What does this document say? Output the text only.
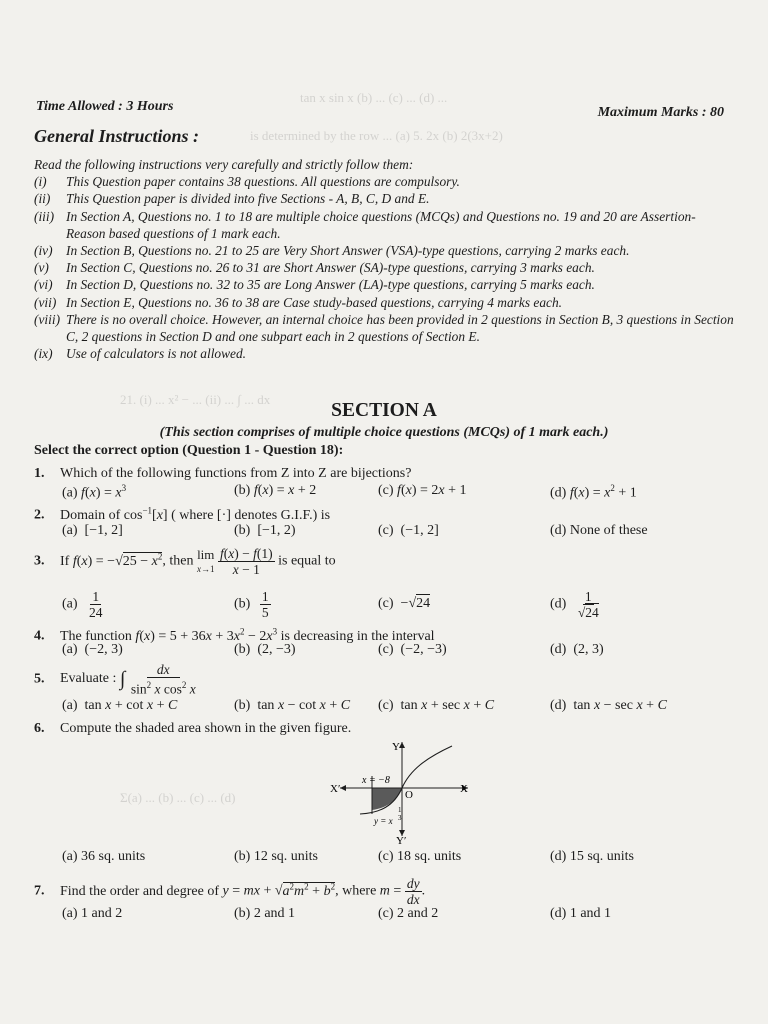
tan x sin x (b) ... (c) ... (d) ...
is determined by the row ... (a) 5. 2x (b) 2(3x+2)
21. (i) ... x² − ... (ii) ... ∫ ... dx
Σ(a) ... (b) ... (c) ... (d)
Time Allowed : 3 Hours	Maximum Marks : 80
General Instructions :
Read the following instructions very carefully and strictly follow them:
(i)	This Question paper contains 38 questions. All questions are compulsory.
(ii)	This Question paper is divided into five Sections - A, B, C, D and E.
(iii) In Section A, Questions no. 1 to 18 are multiple choice questions (MCQs) and Questions no. 19 and 20 are Assertion-Reason based questions of 1 mark each.
(iv)	In Section B, Questions no. 21 to 25 are Very Short Answer (VSA)-type questions, carrying 2 marks each.
(v)	In Section C, Questions no. 26 to 31 are Short Answer (SA)-type questions, carrying 3 marks each.
(vi)	In Section D, Questions no. 32 to 35 are Long Answer (LA)-type questions, carrying 5 marks each.
(vii) In Section E, Questions no. 36 to 38 are Case study-based questions, carrying 4 marks each.
(viii) There is no overall choice. However, an internal choice has been provided in 2 questions in Section B, 3 questions in Section C, 2 questions in Section D and one subpart each in 2 questions of Section E.
(ix)	Use of calculators is not allowed.
SECTION A
(This section comprises of multiple choice questions (MCQs) of 1 mark each.)
Select the correct option (Question 1 - Question 18):
1. Which of the following functions from Z into Z are bijections?
(a) $f(x) = x^3$	(b) f(x) = x + 2	(c) f(x) = 2x + 1	(d) $f(x) = x^2 + 1$
2. Domain of $\cos^{-1}[x]$ ( where [·] denotes G.I.F.) is
(a)  [−1, 2]	(b)  [−1, 2)	(c)  (−1, 2]	(d) None of these
3. If $f(x) = -√25 - x^2$, then lim
x→1
$\frac{f(x) - f(1)}{x - 1}$ is equal to
$(a) \frac{1}{24}$	$(b) \frac{1}{5}$	(c)  −√24	$(d) \frac{1}{√24}$
4. The function $f(x) = 5 + 36x + 3x^2 - 2x^3$ is decreasing in the interval
(a)  (−2, 3)	(b)  (2, −3)	(c)  (−2, −3)	(d)  (2, 3)
5. Evaluate : ∫ $\frac{dx}{\sin^2 x \cos^2 x}$
(a)  tan x + cot x + C	(b)  tan x − cot x + C (c)  tan x + sec x + C	(d)  tan x − sec x + C
6. Compute the shaded area shown in the given figure.
Y
Y′
X′	X
O
x = −8
y = x
1
3
(a) 36 sq. units	(b) 12 sq. units	(c) 18 sq. units	(d) 15 sq. units
7. Find the order and degree of y = mx + $√a^2m^2 + b^2$, where $m = \frac{dy}{dx}$ .
(a) 1 and 2	(b) 2 and 1	(c) 2 and 2	(d) 1 and 1
